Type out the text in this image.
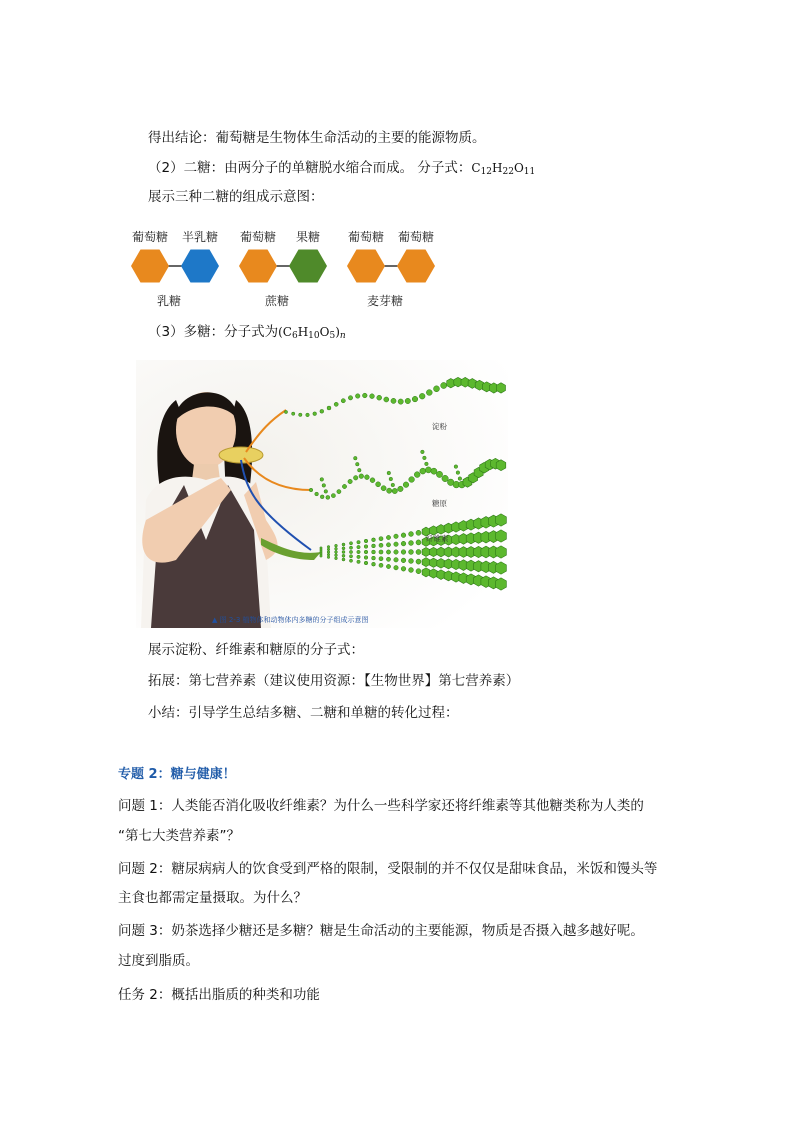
得出结论：葡萄糖是生物体生命活动的主要的能源物质。
（2）二糖：由两分子的单糖脱水缩合而成。 分子式：$C_{12}H_{22}O_{11}$
展示三种二糖的组成示意图：
葡萄糖 半乳糖
乳糖
葡萄糖 果糖
蔗糖
葡萄糖 葡萄糖
麦芽糖
（3）多糖：分子式为$(C_6H_{10}O_5)_n$
淀粉
糖原
纤维素
▲ 图 2-3 植物体和动物体内多糖的分子组成示意图
展示淀粉、纤维素和糖原的分子式：
拓展：第七营养素（建议使用资源：【生物世界】第七营养素）
小结：引导学生总结多糖、二糖和单糖的转化过程：
专题 2：糖与健康！
问题 1：人类能否消化吸收纤维素？为什么一些科学家还将纤维素等其他糖类称为人类的
“第七大类营养素”？
问题 2：糖尿病病人的饮食受到严格的限制，受限制的并不仅仅是甜味食品，米饭和馒头等
主食也都需定量摄取。为什么？
问题 3：奶茶选择少糖还是多糖？糖是生命活动的主要能源，物质是否摄入越多越好呢。
过度到脂质。
任务 2：概括出脂质的种类和功能
